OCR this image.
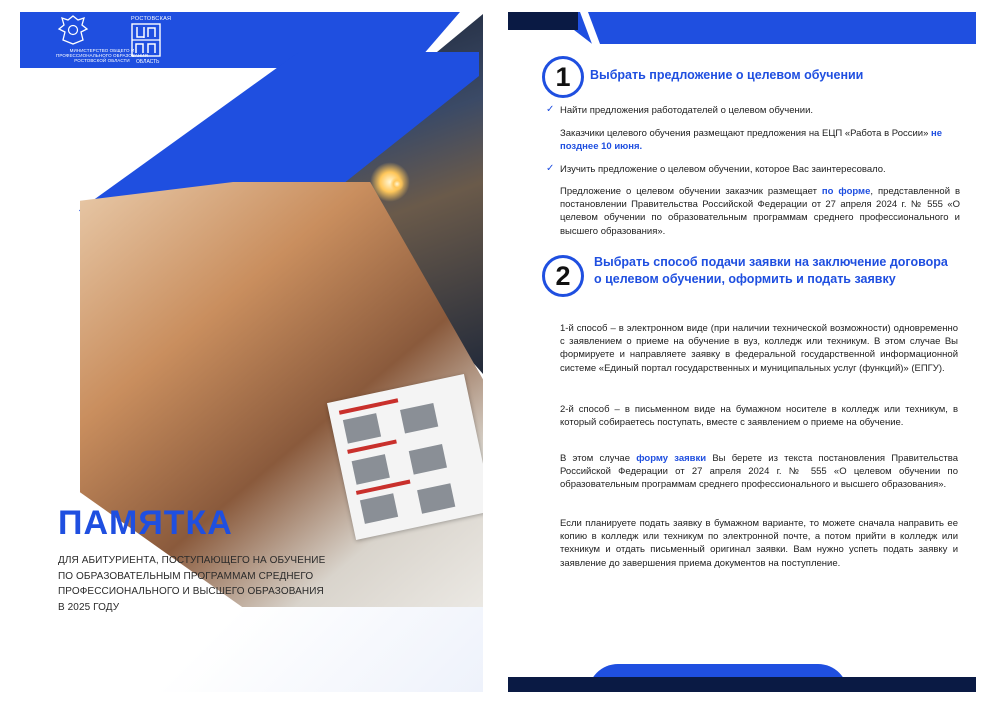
МИНИСТЕРСТВО ОБЩЕГО И ПРОФЕССИОНАЛЬНОГО ОБРАЗОВАНИЯ РОСТОВСКОЙ ОБЛАСТИ
РОСТОВСКАЯ
ОБЛАСТЬ
ПАМЯТКА
ДЛЯ АБИТУРИЕНТА, ПОСТУПАЮЩЕГО НА ОБУЧЕНИЕ
ПО ОБРАЗОВАТЕЛЬНЫМ ПРОГРАММАМ СРЕДНЕГО
ПРОФЕССИОНАЛЬНОГО И ВЫСШЕГО ОБРАЗОВАНИЯ
В 2025 ГОДУ
1	Выбрать предложение о целевом обучении
✓ Найти предложения работодателей о целевом обучении.
Заказчики целевого обучения размещают предложения на ЕЦП «Работа в России» не позднее 10 июня.
✓ Изучить предложение о целевом обучении, которое Вас заинтересовало.
Предложение о целевом обучении заказчик размещает по форме, представленной в постановлении Правительства Российской Федерации от 27 апреля 2024 г. № 555 «О целевом обучении по образовательным программам среднего профессионального и высшего образования».
2	Выбрать способ подачи заявки на заключение договора о целевом обучении, оформить и подать заявку
1-й способ – в электронном виде (при наличии технической возможности) одновременно с заявлением о приеме на обучение в вуз, колледж или техникум. В этом случае Вы формируете и направляете заявку в федеральной государственной информационной системе «Единый портал государственных и муниципальных услуг (функций)» (ЕПГУ).
2-й способ – в письменном виде на бумажном носителе в колледж или техникум, в который собираетесь поступать, вместе с заявлением о приеме на обучение.
В этом случае форму заявки Вы берете из текста постановления Правительства Российской Федерации от 27 апреля 2024 г. № 555 «О целевом обучении по образовательным программам среднего профессионального и высшего образования».
Если планируете подать заявку в бумажном варианте, то можете сначала направить ее копию в колледж или техникум по электронной почте, а потом прийти в колледж или техникум и отдать письменный оригинал заявки. Вам нужно успеть подать заявку и заявление до завершения приема документов на поступление.
